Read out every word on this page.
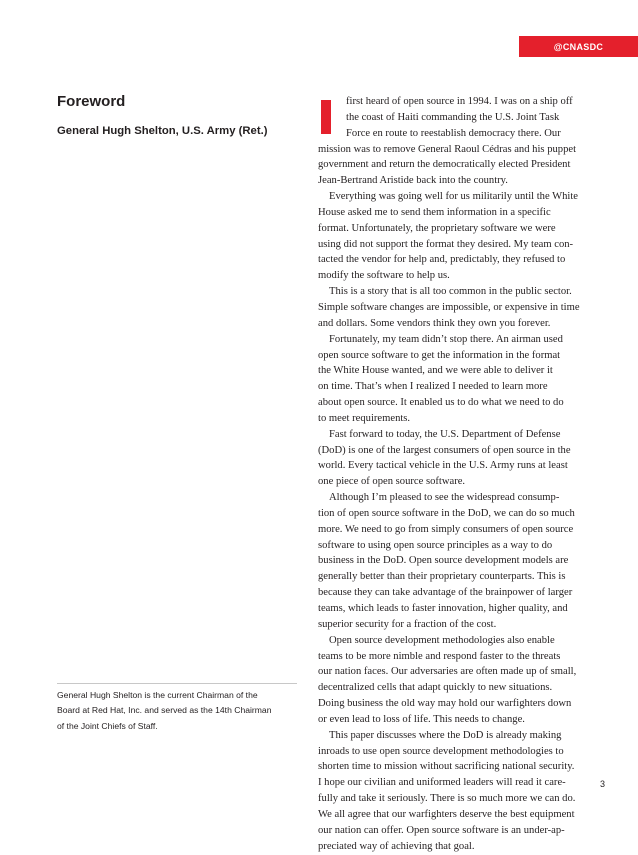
@CNASDC
Foreword

General Hugh Shelton, U.S. Army (Ret.)

General Hugh Shelton is the current Chairman of the

Board at Red Hat, Inc. and served as the 14th Chairman

of the Joint Chiefs of Staff.

first heard of open source in 1994. I was on a ship off
the coast of Haiti commanding the U.S. Joint Task
Force en route to reestablish democracy there. Our
mission was to remove General Raoul Cédras and his puppet
government and return the democratically elected President
Jean-Bertrand Aristide back into the country.
Everything was going well for us militarily until the White
House asked me to send them information in a specific
format. Unfortunately, the proprietary software we were
using did not support the format they desired. My team con-
tacted the vendor for help and, predictably, they refused to
modify the software to help us.
This is a story that is all too common in the public sector.
Simple software changes are impossible, or expensive in time
and dollars. Some vendors think they own you forever.
Fortunately, my team didn’t stop there. An airman used
open source software to get the information in the format
the White House wanted, and we were able to deliver it
on time. That’s when I realized I needed to learn more
about open source. It enabled us to do what we need to do
to meet requirements.
Fast forward to today, the U.S. Department of Defense
(DoD) is one of the largest consumers of open source in the
world. Every tactical vehicle in the U.S. Army runs at least
one piece of open source software.
Although I’m pleased to see the widespread consump-
tion of open source software in the DoD, we can do so much
more. We need to go from simply consumers of open source
software to using open source principles as a way to do
business in the DoD. Open source development models are
generally better than their proprietary counterparts. This is
because they can take advantage of the brainpower of larger
teams, which leads to faster innovation, higher quality, and
superior security for a fraction of the cost.
Open source development methodologies also enable
teams to be more nimble and respond faster to the threats
our nation faces. Our adversaries are often made up of small,
decentralized cells that adapt quickly to new situations.
Doing business the old way may hold our warfighters down
or even lead to loss of life. This needs to change.
This paper discusses where the DoD is already making
inroads to use open source development methodologies to
shorten time to mission without sacrificing national security.
I hope our civilian and uniformed leaders will read it care-
fully and take it seriously. There is so much more we can do.
We all agree that our warfighters deserve the best equipment
our nation can offer. Open source software is an under-ap-
preciated way of achieving that goal.
3
